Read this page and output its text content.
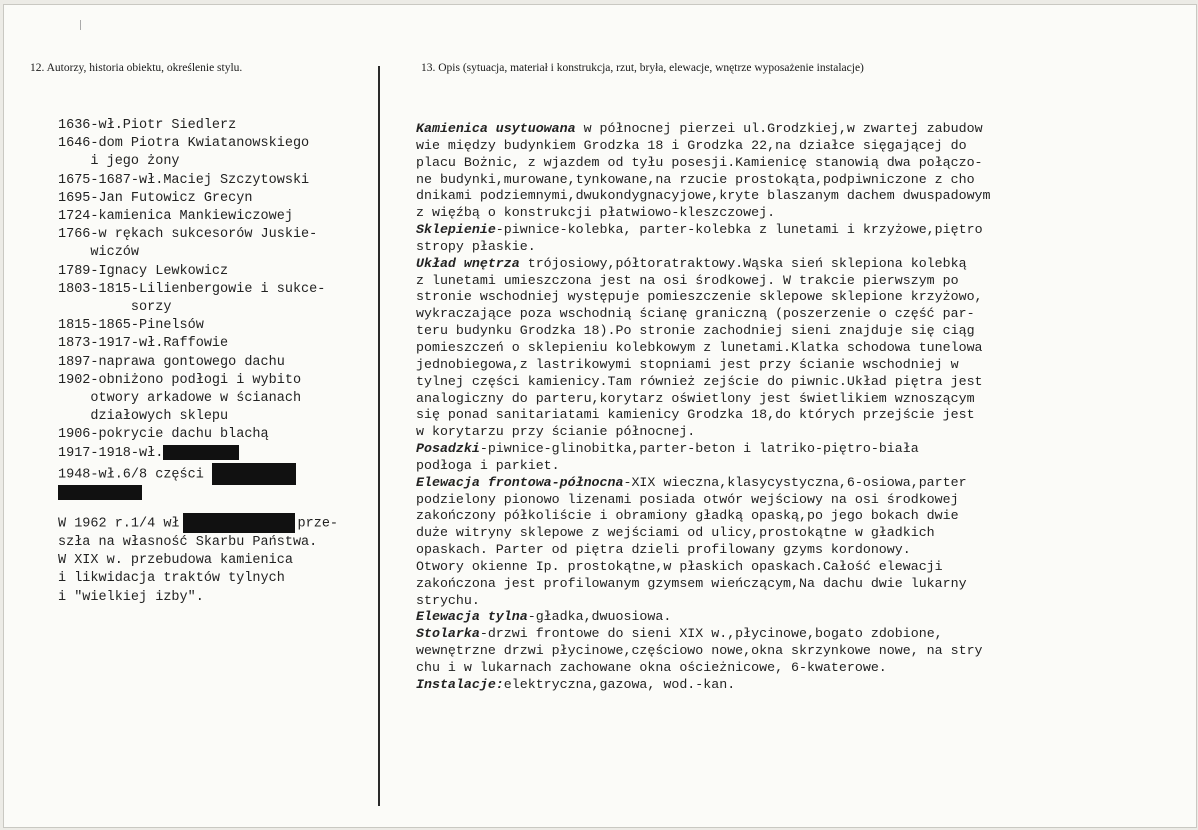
12. Autorzy, historia obiektu, określenie stylu.	13. Opis (sytuacja, materiał i konstrukcja, rzut, bryła, elewacje, wnętrze wyposażenie instalacje)

1636-wł.Piotr Siedlerz

1646-dom Piotra Kwiatanowskiego

i jego żony

1675-1687-wł.Maciej Szczytowski

1695-Jan Futowicz Grecyn

1724-kamienica Mankiewiczowej

1766-w rękach sukcesorów Juskie-

wiczów

1789-Ignacy Lewkowicz

1803-1815-Lilienbergowie i sukce-

sorzy

1815-1865-Pinelsów

1873-1917-wł.Raffowie

1897-naprawa gontowego dachu

1902-obniżono podłogi i wybito

otwory arkadowe w ścianach

działowych sklepu

1906-pokrycie dachu blachą

1917-1918-wł.

1948-wł.6/8 części

W 1962 r.1/4 wł	prze-

szła na własność Skarbu Państwa.

W XIX w. przebudowa kamienica

i likwidacja traktów tylnych

i "wielkiej izby".

Kamienica usytuowana w północnej pierzei ul.Grodzkiej,w zwartej zabudow

wie między budynkiem Grodzka 18 i Grodzka 22,na działce sięgającej do

placu Bożnic, z wjazdem od tyłu posesji.Kamienicę stanowią dwa połączo-

ne budynki,murowane,tynkowane,na rzucie prostokąta,podpiwniczone z cho

dnikami podziemnymi,dwukondygnacyjowe,kryte blaszanym dachem dwuspadowym

z więźbą o konstrukcji płatwiowo-kleszczowej.

Sklepienie-piwnice-kolebka, parter-kolebka z lunetami i krzyżowe,piętro

stropy płaskie.

Układ wnętrza trójosiowy,półtoratraktowy.Wąska sień sklepiona kolebką

z lunetami umieszczona jest na osi środkowej. W trakcie pierwszym po

stronie wschodniej występuje pomieszczenie sklepowe sklepione krzyżowo,

wykraczające poza wschodnią ścianę graniczną (poszerzenie o część par-

teru budynku Grodzka 18).Po stronie zachodniej sieni znajduje się ciąg

pomieszczeń o sklepieniu kolebkowym z lunetami.Klatka schodowa tunelowa

jednobiegowa,z lastrikowymi stopniami jest przy ścianie wschodniej w

tylnej części kamienicy.Tam również zejście do piwnic.Układ piętra jest

analogiczny do parteru,korytarz oświetlony jest świetlikiem wznoszącym

się ponad sanitariatami kamienicy Grodzka 18,do których przejście jest

w korytarzu przy ścianie północnej.

Posadzki-piwnice-glinobitka,parter-beton i latriko-piętro-biała

podłoga i parkiet.

Elewacja frontowa-północna-XIX wieczna,klasycystyczna,6-osiowa,parter

podzielony pionowo lizenami posiada otwór wejściowy na osi środkowej

zakończony półkoliście i obramiony gładką opaską,po jego bokach dwie

duże witryny sklepowe z wejściami od ulicy,prostokątne w gładkich

opaskach. Parter od piętra dzieli profilowany gzyms kordonowy.

Otwory okienne Ip. prostokątne,w płaskich opaskach.Całość elewacji

zakończona jest profilowanym gzymsem wieńczącym,Na dachu dwie lukarny

strychu.

Elewacja tylna-gładka,dwuosiowa.

Stolarka-drzwi frontowe do sieni XIX w.,płycinowe,bogato zdobione,

wewnętrzne drzwi płycinowe,częściowo nowe,okna skrzynkowe nowe, na stry

chu i w lukarnach zachowane okna ościeżnicowe, 6-kwaterowe.

Instalacje:elektryczna,gazowa, wod.-kan.
